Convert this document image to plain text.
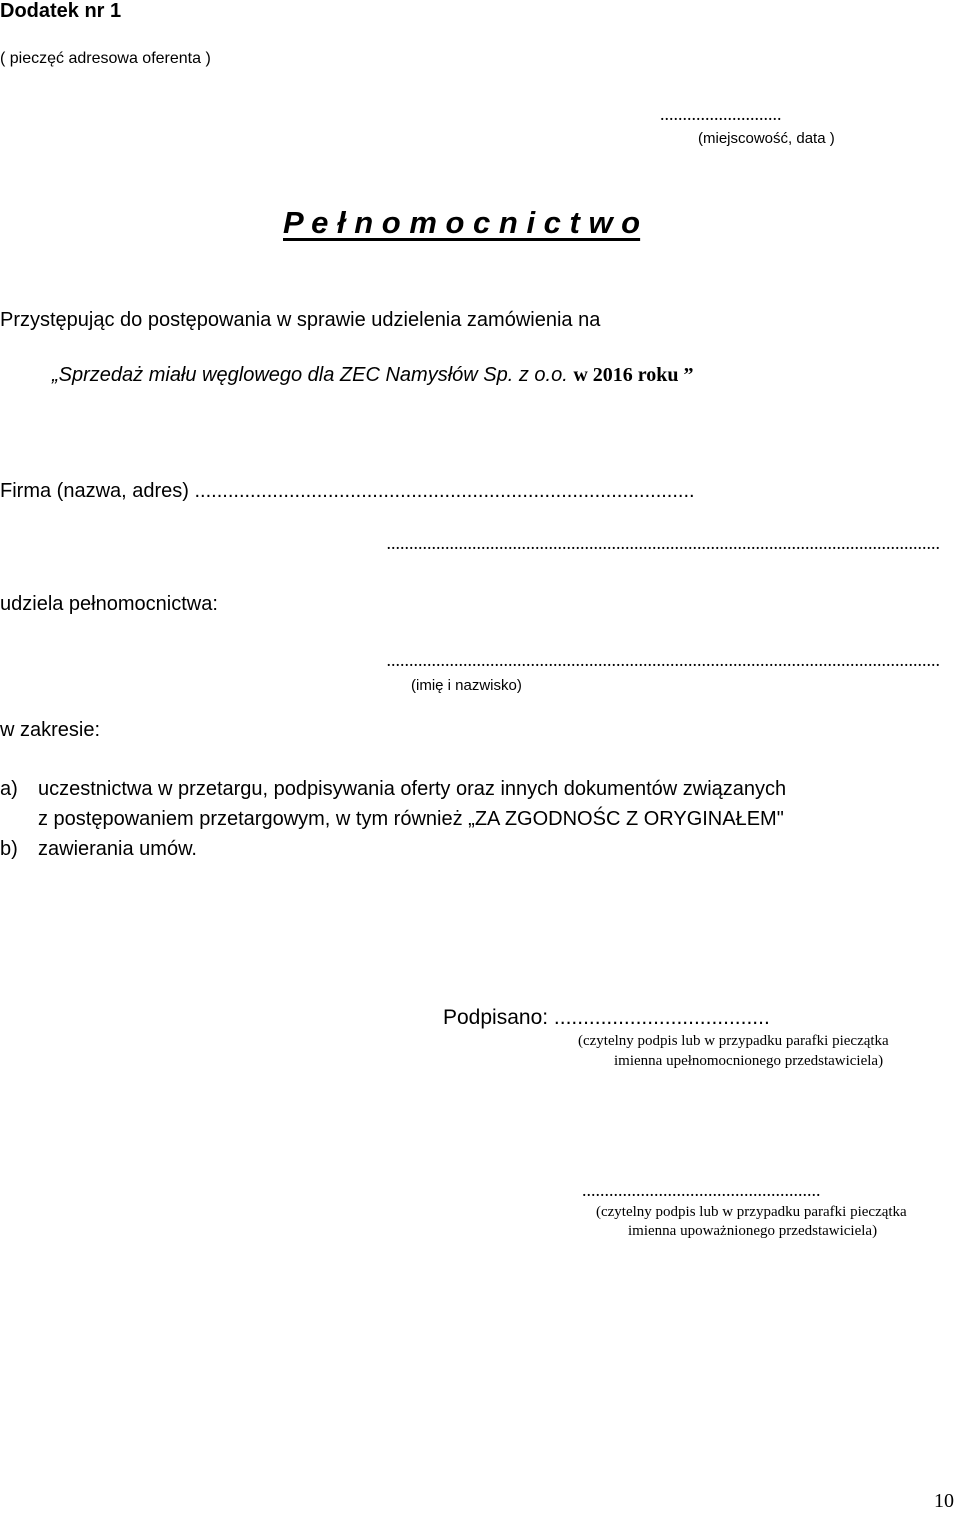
Dodatek nr 1
( pieczęć adresowa oferenta )
...........................
(miejscowość, data )
P e ł n o m o c n i c t w o
Przystępując do postępowania w sprawie udzielenia zamówienia na
„Sprzedaż miału węglowego dla ZEC Namysłów Sp. z o.o. w 2016 roku ”
Firma (nazwa, adres) ..........................................................................................
...........................................................................................................................
udziela pełnomocnictwa:
...........................................................................................................................
(imię i nazwisko)
w zakresie:
a) uczestnictwa w przetargu, podpisywania oferty oraz innych dokumentów związanych
z postępowaniem przetargowym, w tym również „ZA ZGODNOŚC Z ORYGINAŁEM"
b) zawierania umów.
Podpisano: .....................................
(czytelny podpis lub w przypadku parafki pieczątka
imienna upełnomocnionego przedstawiciela)
.....................................................
(czytelny podpis lub w przypadku parafki pieczątka
imienna upoważnionego przedstawiciela)
10
